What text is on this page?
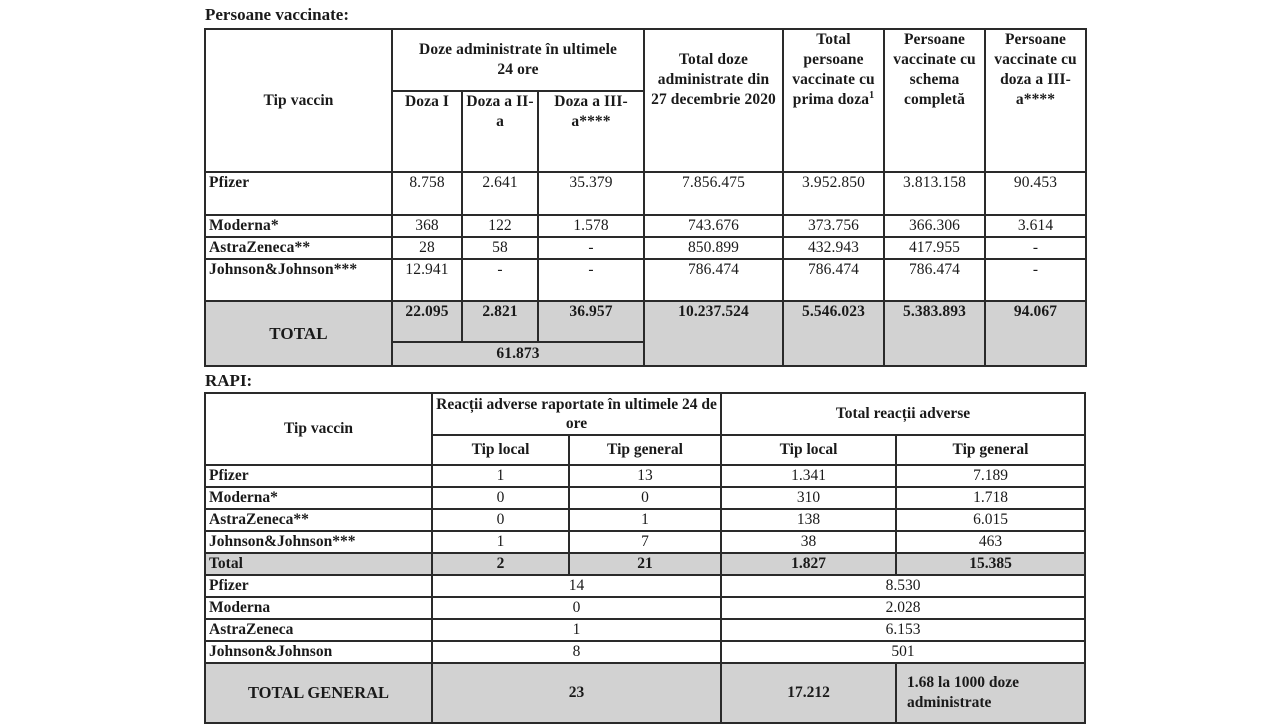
Persoane vaccinate:
Tip vaccin	Doze administrate în ultimele 24 ore			Total doze administrate din 27 decembrie 2020	Total persoane vaccinate cu prima doza$^1$	Persoane vaccinate cu schema completă	Persoane vaccinate cu doza a III-a****
	Doza I	Doza a II-a	Doza a III-a****				
Pfizer	8.758	2.641	35.379	7.856.475	3.952.850	3.813.158	90.453
Moderna*	368	122	1.578	743.676	373.756	366.306	3.614
AstraZeneca**	28	58	-	850.899	432.943	417.955	-
Johnson&Johnson***	12.941	-	-	786.474	786.474	786.474	-
TOTAL	22.095	2.821	36.957	10.237.524	5.546.023	5.383.893	94.067
	61.873						
RAPI:
Tip vaccin	Reacții adverse raportate în ultimele 24 de ore		Total reacții adverse	
	Tip local	Tip general	Tip local	Tip general
Pfizer	1	13	1.341	7.189
Moderna*	0	0	310	1.718
AstraZeneca**	0	1	138	6.015
Johnson&Johnson***	1	7	38	463
Total	2	21	1.827	15.385
Pfizer	14		8.530	
Moderna	0		2.028	
AstraZeneca	1		6.153	
Johnson&Johnson	8		501	
TOTAL GENERAL	23		17.212	1.68 la 1000 doze administrate
